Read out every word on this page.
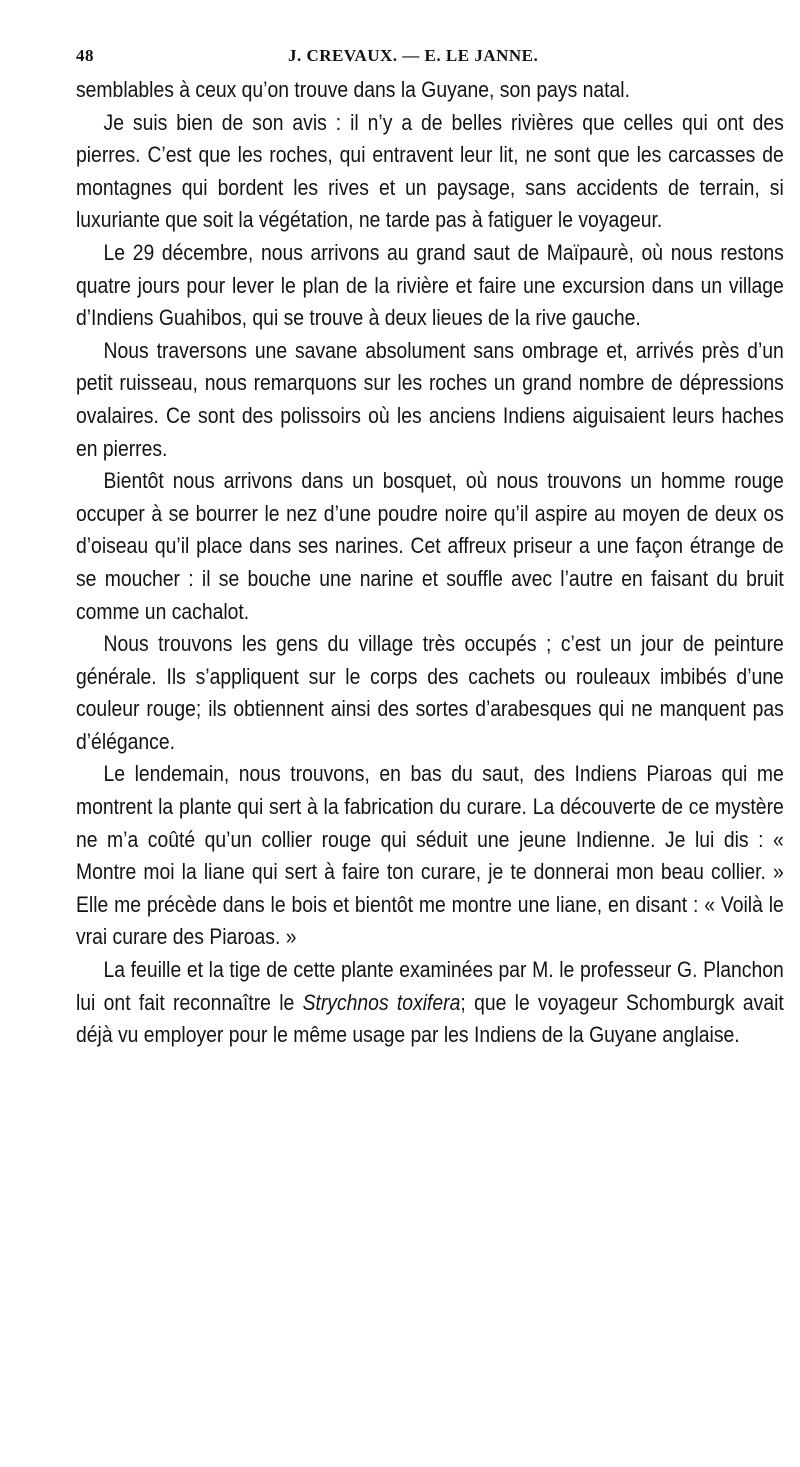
48	J. CREVAUX. — E. LE JANNE.

semblables à ceux qu’on trouve dans la Guyane, son pays natal.

Je suis bien de son avis : il n’y a de belles rivières que celles qui ont des pierres. C’est que les roches, qui entravent leur lit, ne sont que les carcasses de montagnes qui bordent les rives et un paysage, sans accidents de terrain, si luxuriante que soit la végétation, ne tarde pas à fatiguer le voyageur.

Le 29 décembre, nous arrivons au grand saut de Maïpaurè, où nous restons quatre jours pour lever le plan de la rivière et faire une excursion dans un village d’Indiens Guahibos, qui se trouve à deux lieues de la rive gauche.

Nous traversons une savane absolument sans ombrage et, arrivés près d’un petit ruisseau, nous remarquons sur les roches un grand nombre de dépressions ovalaires. Ce sont des polissoirs où les anciens Indiens aiguisaient leurs haches en pierres.

Bientôt nous arrivons dans un bosquet, où nous trouvons un homme rouge occuper à se bourrer le nez d’une poudre noire qu’il aspire au moyen de deux os d’oiseau qu’il place dans ses narines. Cet affreux priseur a une façon étrange de se moucher : il se bouche une narine et souffle avec l’autre en faisant du bruit comme un cachalot.

Nous trouvons les gens du village très occupés ; c’est un jour de peinture générale. Ils s’appliquent sur le corps des cachets ou rouleaux imbibés d’une couleur rouge; ils obtiennent ainsi des sortes d’arabesques qui ne manquent pas d’élégance.

Le lendemain, nous trouvons, en bas du saut, des Indiens Piaroas qui me montrent la plante qui sert à la fabrication du curare. La découverte de ce mystère ne m’a coûté qu’un collier rouge qui séduit une jeune Indienne. Je lui dis : « Montre moi la liane qui sert à faire ton curare, je te donnerai mon beau collier. » Elle me précède dans le bois et bientôt me montre une liane, en disant : « Voilà le vrai curare des Piaroas. »

La feuille et la tige de cette plante examinées par M. le professeur G. Planchon lui ont fait reconnaître le Strychnos toxifera; que le voyageur Schomburgk avait déjà vu employer pour le même usage par les Indiens de la Guyane anglaise.
